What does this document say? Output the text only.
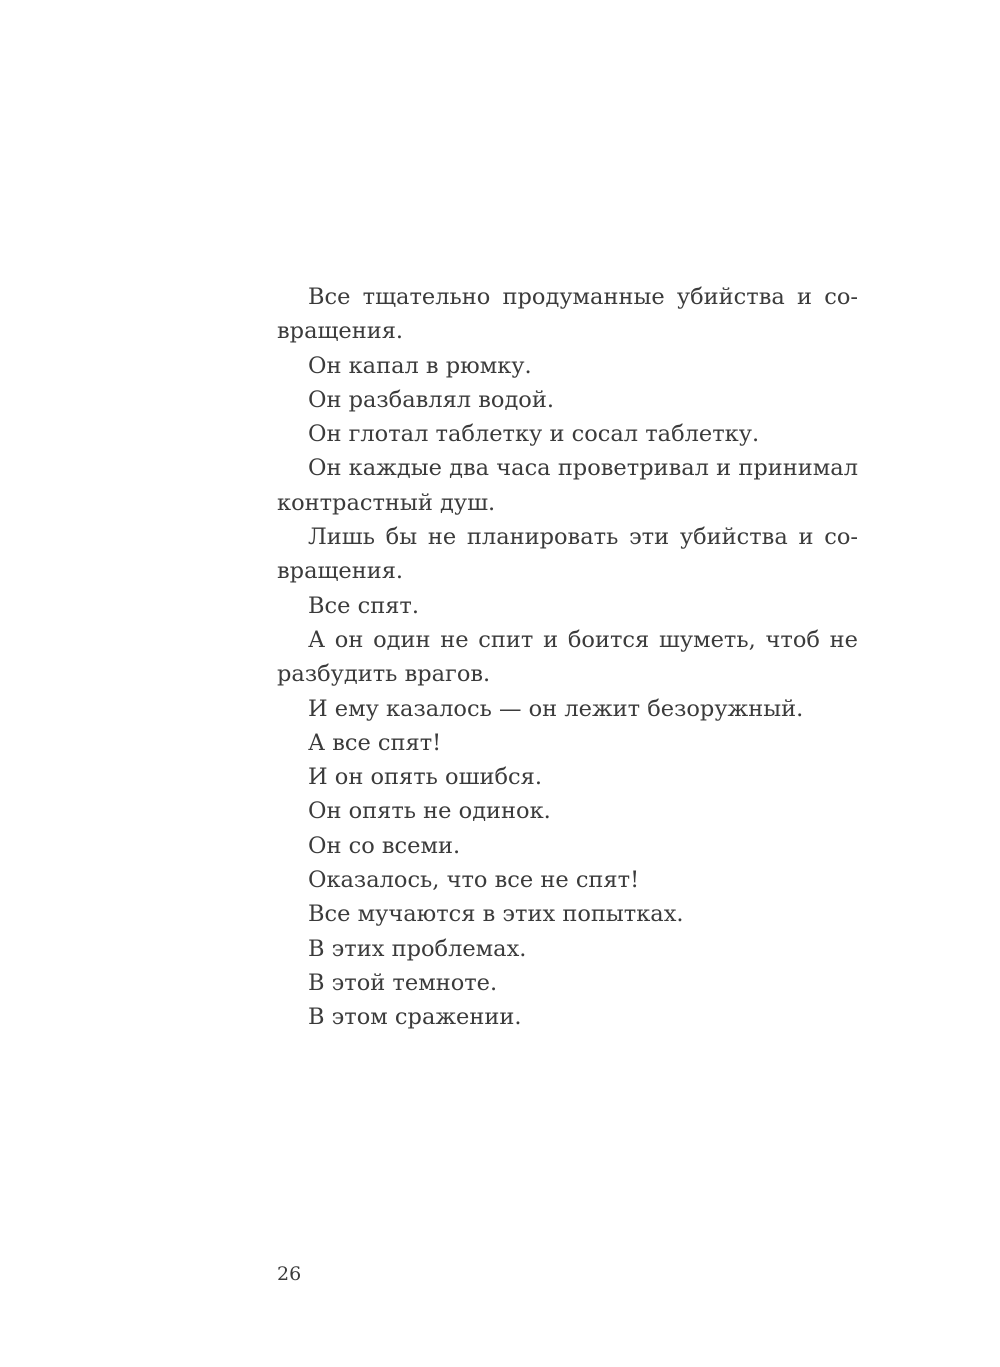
Все тщательно продуманные убийства и со-
вращения.

Он капал в рюмку.

Он разбавлял водой.

Он глотал таблетку и сосал таблетку.

Он каждые два часа проветривал и принимал
контрастный душ.

Лишь бы не планировать эти убийства и со-
вращения.

Все спят.

А он один не спит и боится шуметь, чтоб не
разбудить врагов.

И ему казалось — он лежит безоружный.

А все спят!

И он опять ошибся.

Он опять не одинок.

Он со всеми.

Оказалось, что все не спят!

Все мучаются в этих попытках.

В этих проблемах.

В этой темноте.

В этом сражении.

26
